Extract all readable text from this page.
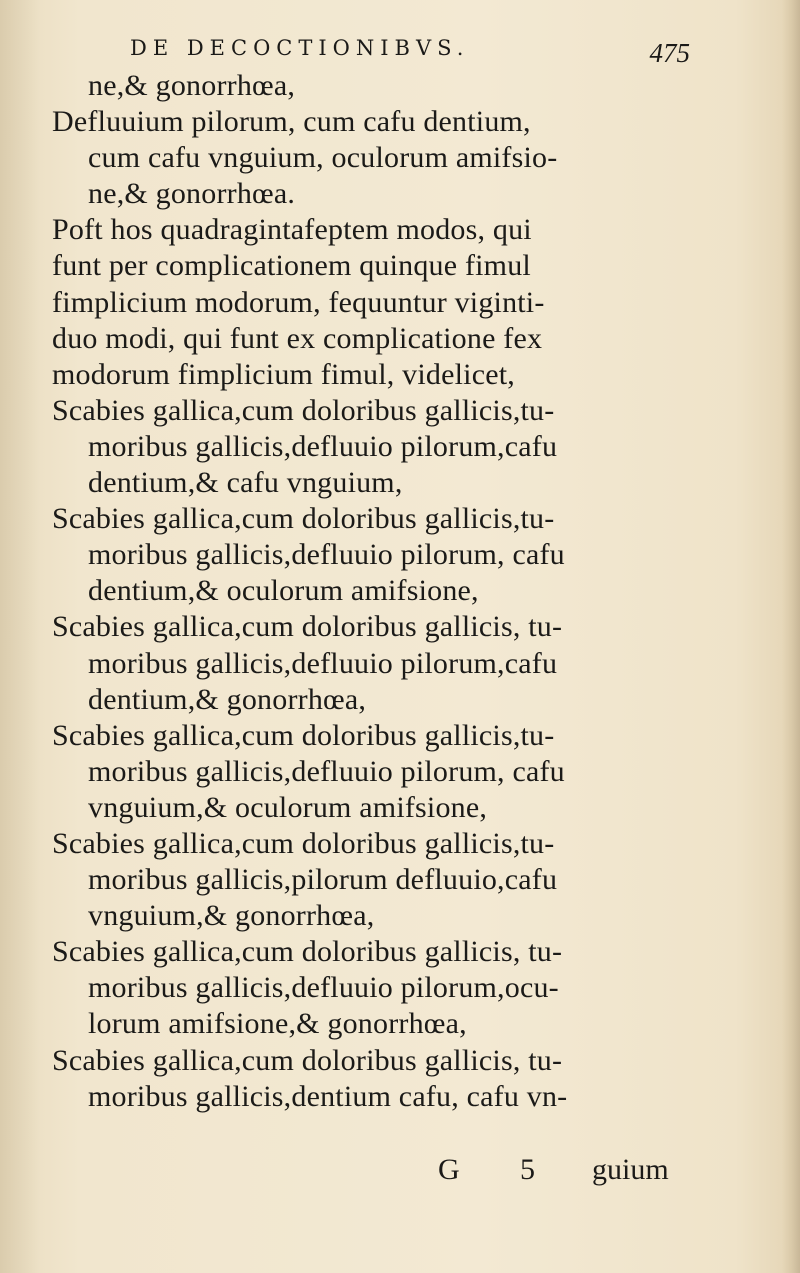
DE DECOCTIONIBVS.	475
ne,& gonorrhœa,
Defluuium pilorum, cum cafu dentium,
cum cafu vnguium, oculorum amifsio-
ne,& gonorrhœa.
Poft hos quadragintafeptem modos, qui
funt per complicationem quinque fimul
fimplicium modorum, fequuntur viginti-
duo modi, qui funt ex complicatione fex
modorum fimplicium fimul, videlicet,
Scabies gallica,cum doloribus gallicis,tu-
moribus gallicis,defluuio pilorum,cafu
dentium,& cafu vnguium,
Scabies gallica,cum doloribus gallicis,tu-
moribus gallicis,defluuio pilorum, cafu
dentium,& oculorum amifsione,
Scabies gallica,cum doloribus gallicis, tu-
moribus gallicis,defluuio pilorum,cafu
dentium,& gonorrhœa,
Scabies gallica,cum doloribus gallicis,tu-
moribus gallicis,defluuio pilorum, cafu
vnguium,& oculorum amifsione,
Scabies gallica,cum doloribus gallicis,tu-
moribus gallicis,pilorum defluuio,cafu
vnguium,& gonorrhœa,
Scabies gallica,cum doloribus gallicis, tu-
moribus gallicis,defluuio pilorum,ocu-
lorum amifsione,& gonorrhœa,
Scabies gallica,cum doloribus gallicis, tu-
moribus gallicis,dentium cafu, cafu vn-
G 5 guium
